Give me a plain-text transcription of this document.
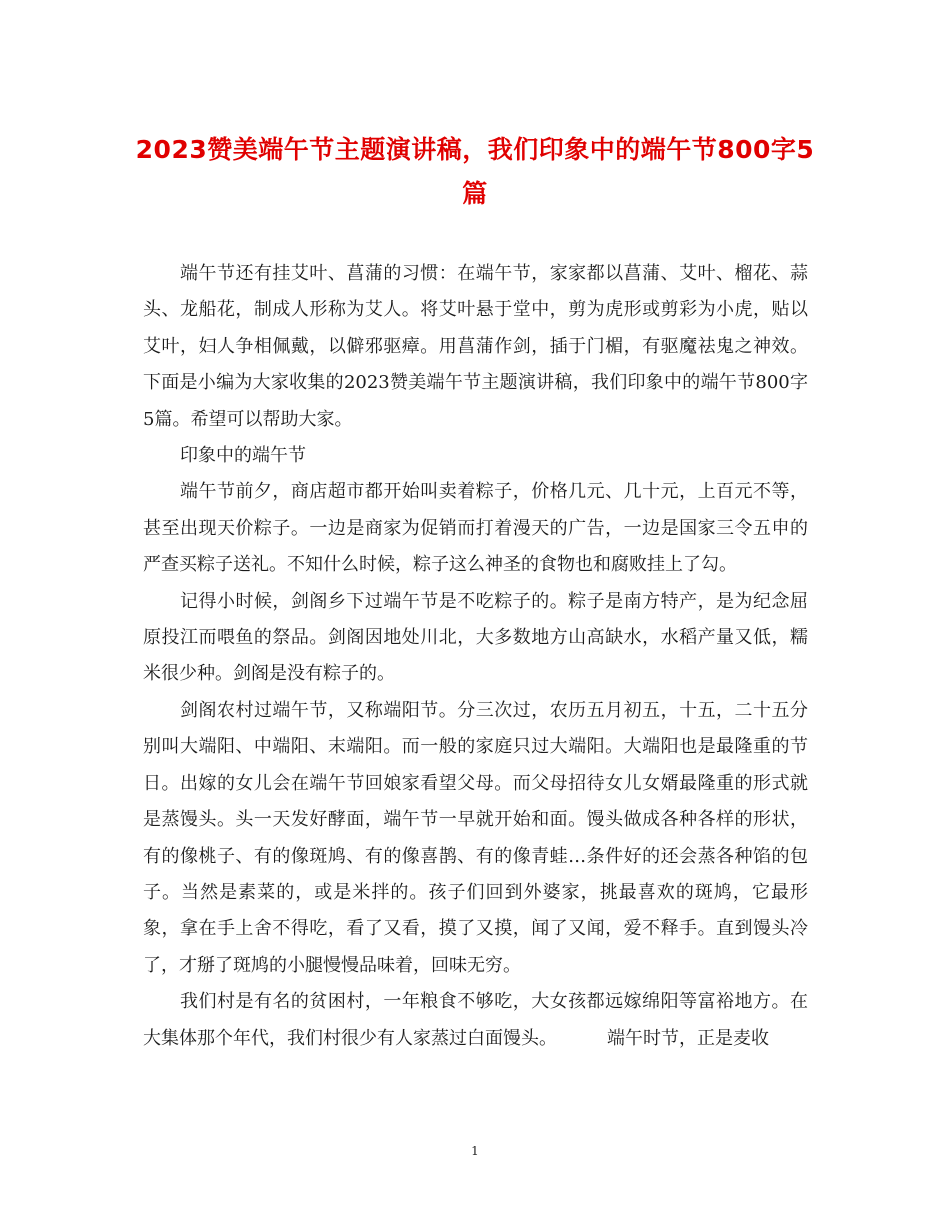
2023赞美端午节主题演讲稿，我们印象中的端午节800字5
篇

端午节还有挂艾叶、菖蒲的习惯：在端午节，家家都以菖蒲、艾叶、榴花、蒜头、龙船花，制成人形称为艾人。将艾叶悬于堂中，剪为虎形或剪彩为小虎，贴以艾叶，妇人争相佩戴，以僻邪驱瘴。用菖蒲作剑，插于门楣，有驱魔祛鬼之神效。下面是小编为大家收集的2023赞美端午节主题演讲稿，我们印象中的端午节800字5篇。希望可以帮助大家。

印象中的端午节

端午节前夕，商店超市都开始叫卖着粽子，价格几元、几十元，上百元不等，甚至出现天价粽子。一边是商家为促销而打着漫天的广告，一边是国家三令五申的严查买粽子送礼。不知什么时候，粽子这么神圣的食物也和腐败挂上了勾。

记得小时候，剑阁乡下过端午节是不吃粽子的。粽子是南方特产，是为纪念屈原投江而喂鱼的祭品。剑阁因地处川北，大多数地方山高缺水，水稻产量又低，糯米很少种。剑阁是没有粽子的。

剑阁农村过端午节，又称端阳节。分三次过，农历五月初五，十五，二十五分别叫大端阳、中端阳、末端阳。而一般的家庭只过大端阳。大端阳也是最隆重的节日。出嫁的女儿会在端午节回娘家看望父母。而父母招待女儿女婿最隆重的形式就是蒸馒头。头一天发好酵面，端午节一早就开始和面。馒头做成各种各样的形状，有的像桃子、有的像斑鸠、有的像喜鹊、有的像青蛙…条件好的还会蒸各种馅的包子。当然是素菜的，或是米拌的。孩子们回到外婆家，挑最喜欢的斑鸠，它最形象，拿在手上舍不得吃，看了又看，摸了又摸，闻了又闻，爱不释手。直到馒头冷了，才掰了斑鸠的小腿慢慢品味着，回味无穷。

我们村是有名的贫困村，一年粮食不够吃，大女孩都远嫁绵阳等富裕地方。在大集体那个年代，我们村很少有人家蒸过白面馒头。	端午时节，正是麦收

1
